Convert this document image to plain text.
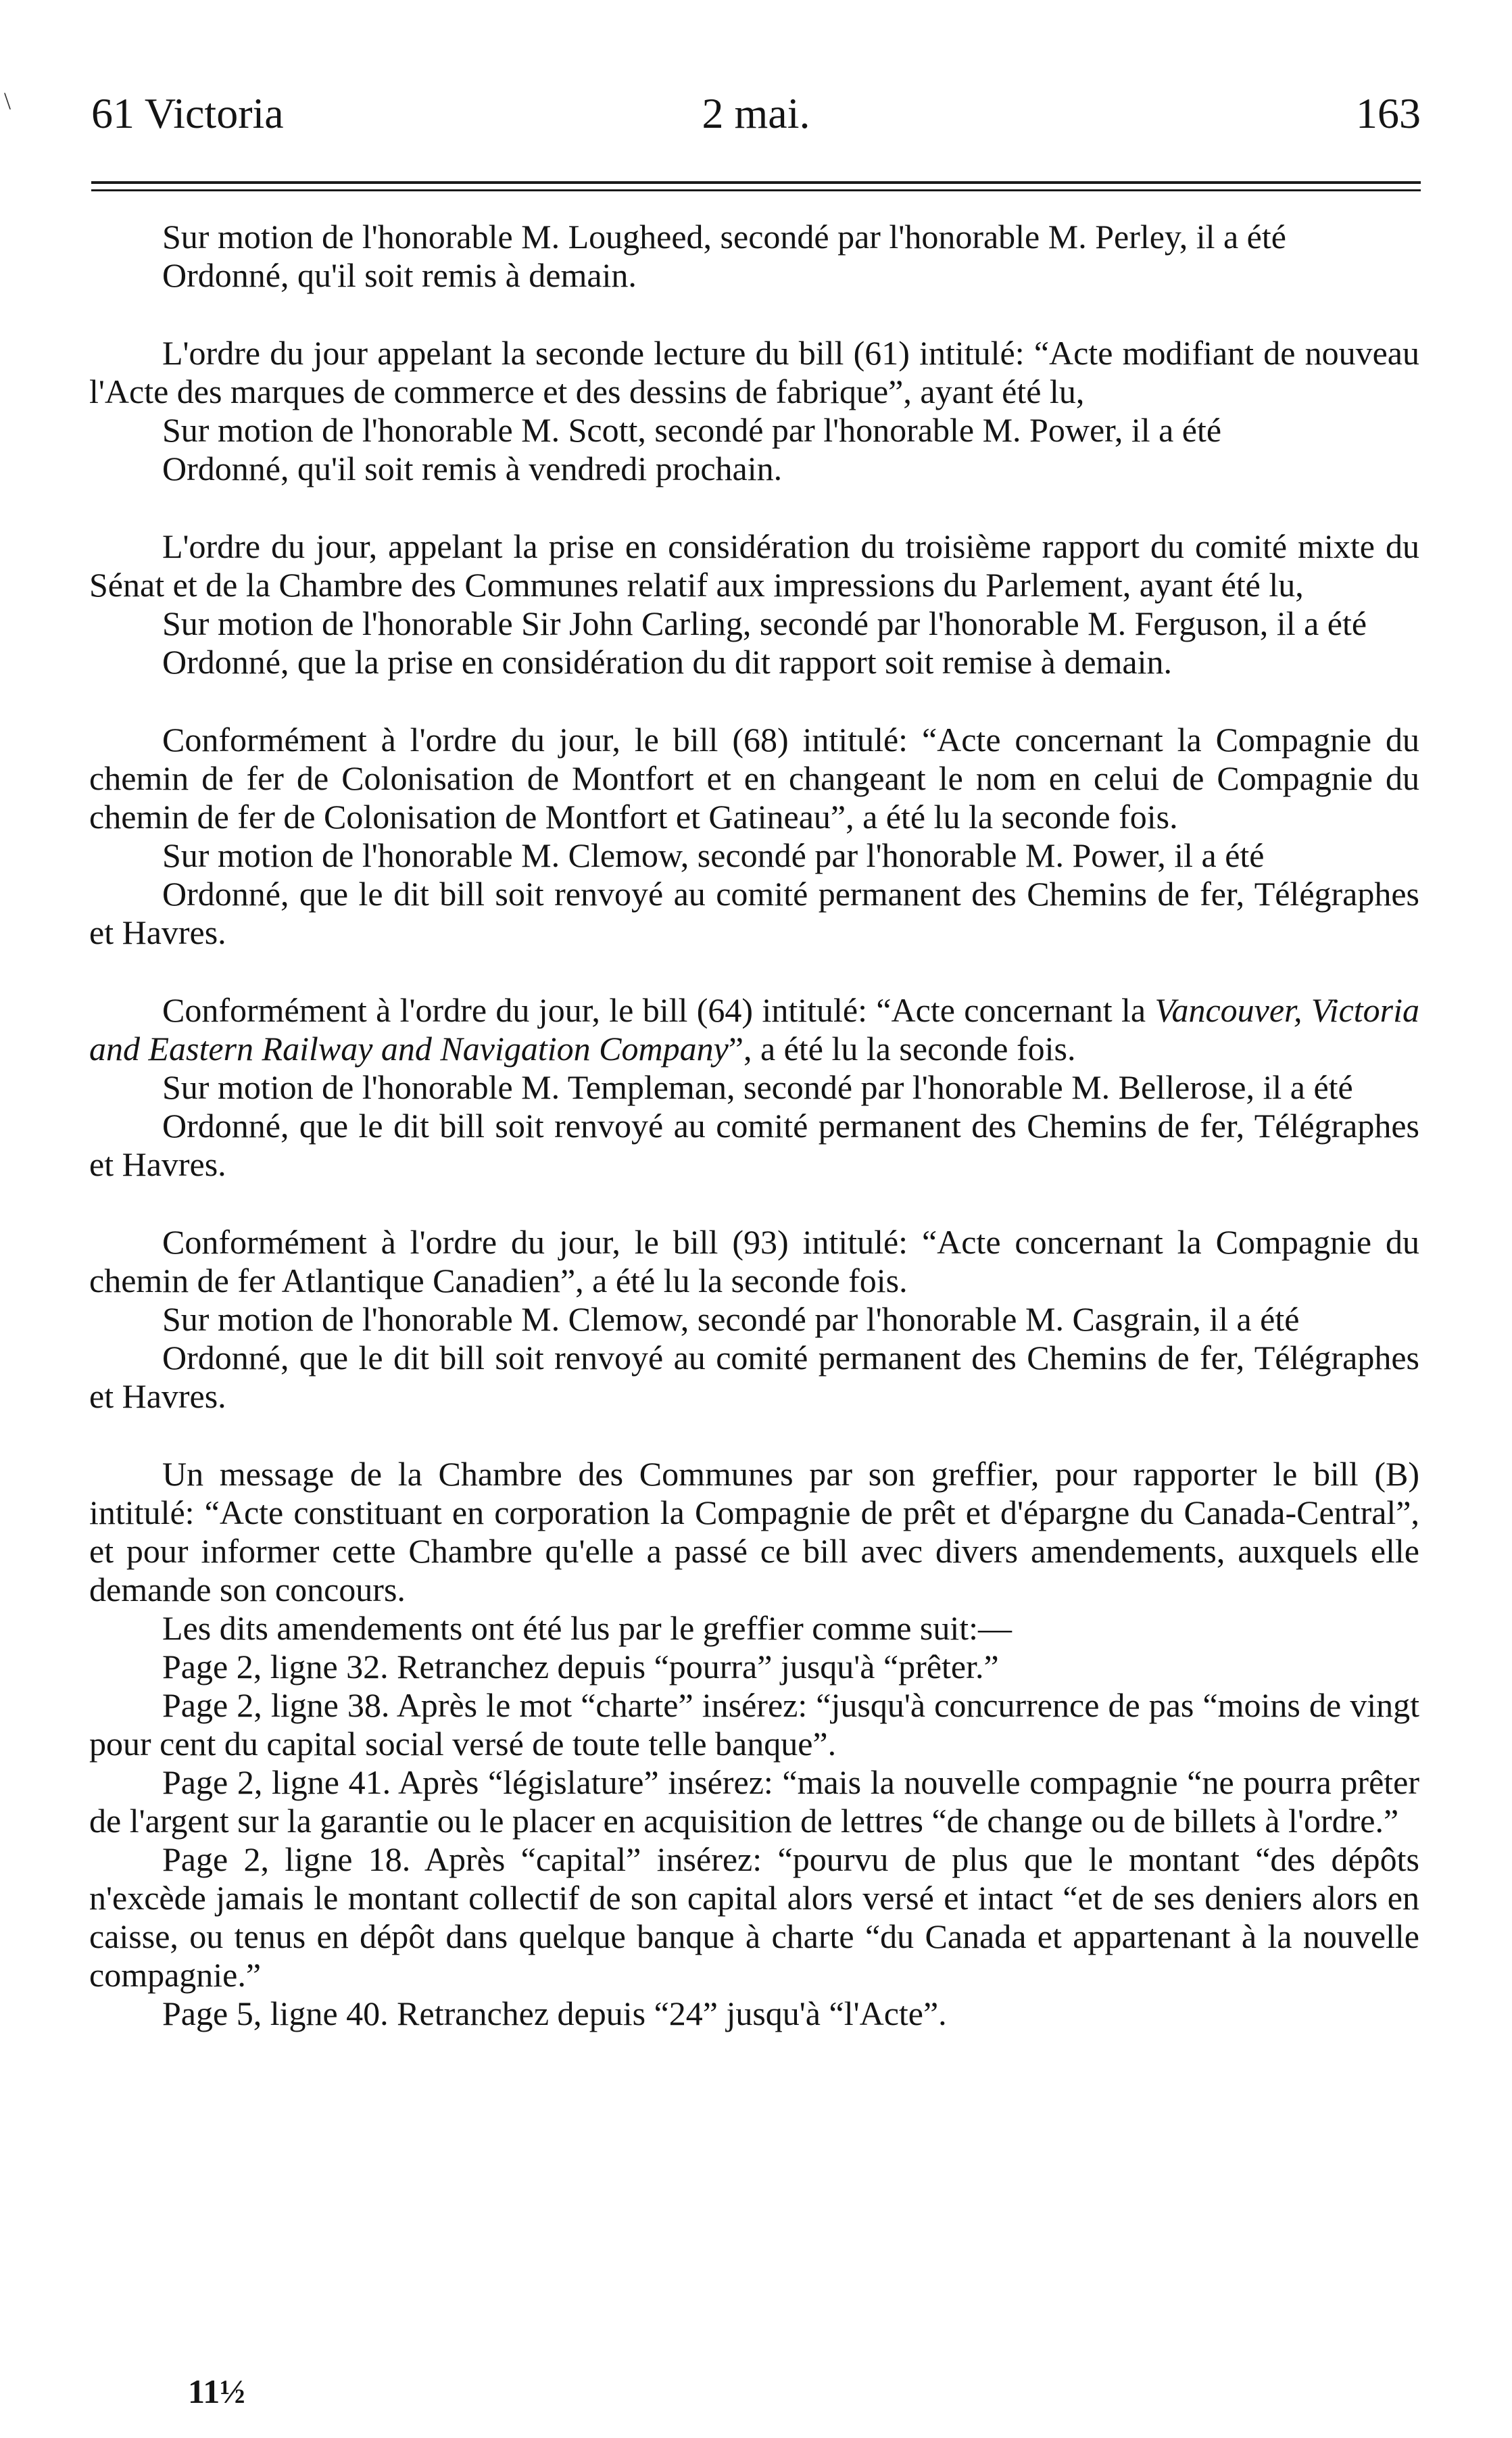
\ 61 Victoria	2 mai.	163

Sur motion de l'honorable M. Lougheed, secondé par l'honorable M. Perley, il a été

Ordonné, qu'il soit remis à demain.

L'ordre du jour appelant la seconde lecture du bill (61) intitulé: “Acte modifiant de nouveau l'Acte des marques de commerce et des dessins de fabrique”, ayant été lu,

Sur motion de l'honorable M. Scott, secondé par l'honorable M. Power, il a été

Ordonné, qu'il soit remis à vendredi prochain.

L'ordre du jour, appelant la prise en considération du troisième rapport du comité mixte du Sénat et de la Chambre des Communes relatif aux impressions du Parlement, ayant été lu,

Sur motion de l'honorable Sir John Carling, secondé par l'honorable M. Ferguson, il a été

Ordonné, que la prise en considération du dit rapport soit remise à demain.

Conformément à l'ordre du jour, le bill (68) intitulé: “Acte concernant la Compagnie du chemin de fer de Colonisation de Montfort et en changeant le nom en celui de Compagnie du chemin de fer de Colonisation de Montfort et Gatineau”, a été lu la seconde fois.

Sur motion de l'honorable M. Clemow, secondé par l'honorable M. Power, il a été

Ordonné, que le dit bill soit renvoyé au comité permanent des Chemins de fer, Télégraphes et Havres.

Conformément à l'ordre du jour, le bill (64) intitulé: “Acte concernant la Vancouver, Victoria and Eastern Railway and Navigation Company”, a été lu la seconde fois.

Sur motion de l'honorable M. Templeman, secondé par l'honorable M. Bellerose, il a été

Ordonné, que le dit bill soit renvoyé au comité permanent des Chemins de fer, Télégraphes et Havres.

Conformément à l'ordre du jour, le bill (93) intitulé: “Acte concernant la Compagnie du chemin de fer Atlantique Canadien”, a été lu la seconde fois.

Sur motion de l'honorable M. Clemow, secondé par l'honorable M. Casgrain, il a été

Ordonné, que le dit bill soit renvoyé au comité permanent des Chemins de fer, Télégraphes et Havres.

Un message de la Chambre des Communes par son greffier, pour rapporter le bill (B) intitulé: “Acte constituant en corporation la Compagnie de prêt et d'épargne du Canada-Central”, et pour informer cette Chambre qu'elle a passé ce bill avec divers amendements, auxquels elle demande son concours.

Les dits amendements ont été lus par le greffier comme suit:—

Page 2, ligne 32. Retranchez depuis “pourra” jusqu'à “prêter.”

Page 2, ligne 38. Après le mot “charte” insérez: “jusqu'à concurrence de pas “moins de vingt pour cent du capital social versé de toute telle banque”.

Page 2, ligne 41. Après “législature” insérez: “mais la nouvelle compagnie “ne pourra prêter de l'argent sur la garantie ou le placer en acquisition de lettres “de change ou de billets à l'ordre.”

Page 2, ligne 18. Après “capital” insérez: “pourvu de plus que le montant “des dépôts n'excède jamais le montant collectif de son capital alors versé et intact “et de ses deniers alors en caisse, ou tenus en dépôt dans quelque banque à charte “du Canada et appartenant à la nouvelle compagnie.”

Page 5, ligne 40. Retranchez depuis “24” jusqu'à “l'Acte”.

11½
